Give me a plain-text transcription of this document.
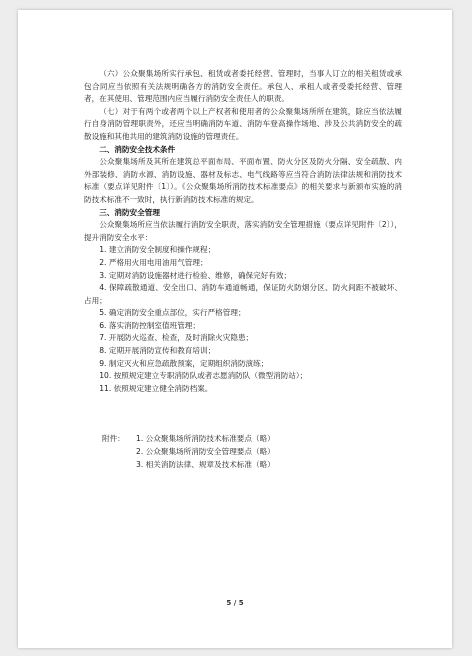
（六）公众聚集场所实行承包、租赁或者委托经营、管理时，当事人订立的相关租赁或承包合同应当依照有关法规明确各方的消防安全责任。承包人、承租人或者受委托经营、管理者，在其使用、管理范围内应当履行消防安全责任人的职责。

（七）对于有两个或者两个以上产权者和使用者的公众聚集场所所在建筑，除应当依法履行自身消防管理职责外，还应当明确消防车道、消防车登高操作场地、涉及公共消防安全的疏散设施和其他共用的建筑消防设施的管理责任。

二、消防安全技术条件

公众聚集场所及其所在建筑总平面布局、平面布置、防火分区及防火分隔、安全疏散、内外部装修、消防水源、消防设施、器材及标志、电气线路等应当符合消防法律法规和消防技术标准（要点详见附件〔1〕）。《公众聚集场所消防技术标准要点》的相关要求与新颁布实施的消防技术标准不一致时，执行新消防技术标准的规定。

三、消防安全管理

公众聚集场所应当依法履行消防安全职责，落实消防安全管理措施（要点详见附件〔2〕），提升消防安全水平：

1. 建立消防安全制度和操作规程；

2. 严格用火用电用油用气管理；

3. 定期对消防设施器材进行检验、维修，确保完好有效；

4. 保障疏散通道、安全出口、消防车通道畅通，保证防火防烟分区、防火间距不被破坏、占用；

5. 确定消防安全重点部位，实行严格管理；

6. 落实消防控制室值班管理；

7. 开展防火巡查、检查，及时消除火灾隐患；

8. 定期开展消防宣传和教育培训；

9. 制定灭火和应急疏散预案，定期组织消防演练；

10. 按照规定建立专职消防队或者志愿消防队（微型消防站）；

11. 依照规定建立健全消防档案。

附件：	1. 公众聚集场所消防技术标准要点（略）
2. 公众聚集场所消防安全管理要点（略）
3. 相关消防法律、规章及技术标准（略）
5 / 5
